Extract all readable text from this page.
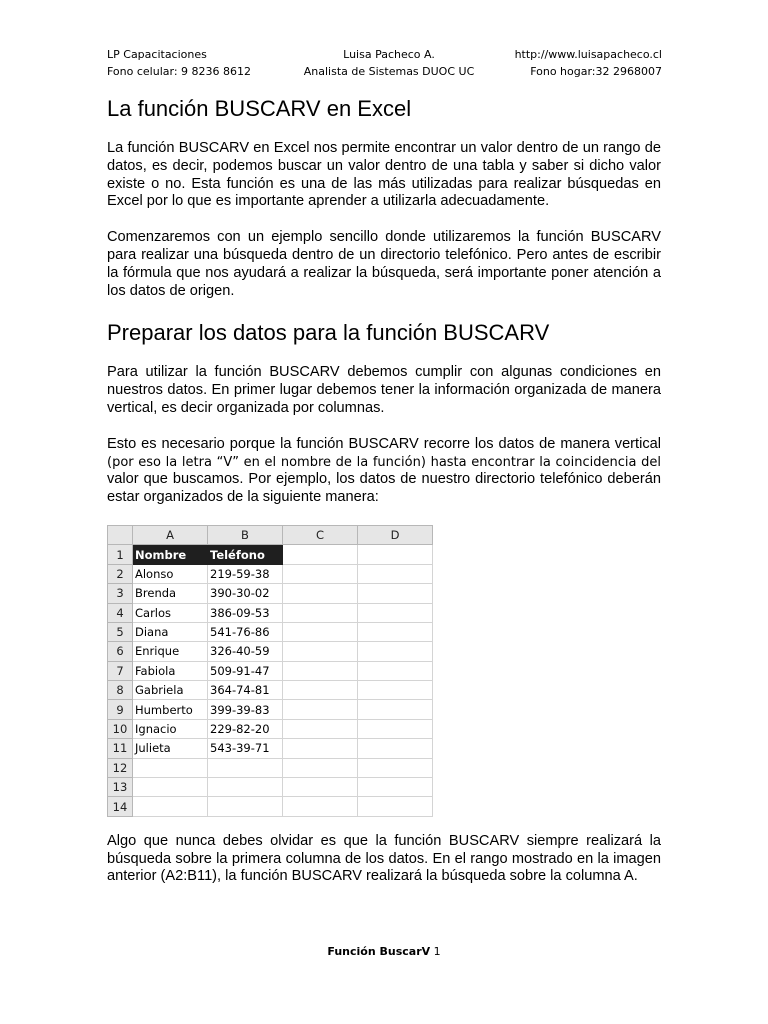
LP Capacitaciones
Fono celular: 9 8236 8612
Luisa Pacheco A.
Analista de Sistemas DUOC UC
http://www.luisapacheco.cl
Fono hogar:32 2968007
La función BUSCARV en Excel

La función BUSCARV en Excel nos permite encontrar un valor dentro de un rango de datos, es decir, podemos buscar un valor dentro de una tabla y saber si dicho valor existe o no. Esta función es una de las más utilizadas para realizar búsquedas en Excel por lo que es importante aprender a utilizarla adecuadamente.

Comenzaremos con un ejemplo sencillo donde utilizaremos la función BUSCARV para realizar una búsqueda dentro de un directorio telefónico. Pero antes de escribir la fórmula que nos ayudará a realizar la búsqueda, será importante poner atención a los datos de origen.

Preparar los datos para la función BUSCARV

Para utilizar la función BUSCARV debemos cumplir con algunas condiciones en nuestros datos. En primer lugar debemos tener la información organizada de manera vertical, es decir organizada por columnas.

Esto es necesario porque la función BUSCARV recorre los datos de manera vertical (por eso la letra “V” en el nombre de la función) hasta encontrar la coincidencia del valor que buscamos. Por ejemplo, los datos de nuestro directorio telefónico deberán estar organizados de la siguiente manera:

	A	B	C	D
1	Nombre	Teléfono		
2	Alonso	219-59-38		
3	Brenda	390-30-02		
4	Carlos	386-09-53		
5	Diana	541-76-86		
6	Enrique	326-40-59		
7	Fabiola	509-91-47		
8	Gabriela	364-74-81		
9	Humberto	399-39-83		
10	Ignacio	229-82-20		
11	Julieta	543-39-71		
12				
13				
14				

Algo que nunca debes olvidar es que la función BUSCARV siempre realizará la búsqueda sobre la primera columna de los datos. En el rango mostrado en la imagen anterior (A2:B11), la función BUSCARV realizará la búsqueda sobre la columna A.

Función BuscarV 1
